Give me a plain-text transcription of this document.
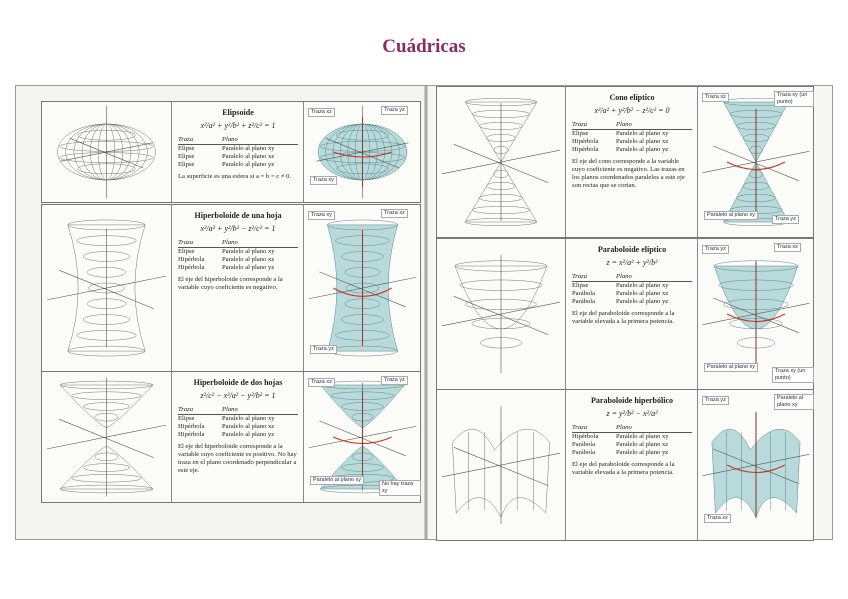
Cuádricas
Elipsoide
x²/a² + y²/b² + z²/c² = 1
Traza	Plano
Elipse	Paralelo al plano xy
Elipse	Paralelo al plano xz
Elipse	Paralelo al plano yz
La superficie es una esfera si a = b = c ≠ 0.
Traza xz	Traza yz
Traza xy
Hiperboloide de una hoja
x²/a² + y²/b² − z²/c² = 1
Traza	Plano
Elipse	Paralelo al plano xy
Hipérbola	Paralelo al plano xz
Hipérbola	Paralelo al plano yz
El eje del hiperboloide corresponde a la variable cuyo coeficiente es negativo.
Traza xy	Traza xz
Traza yz
Hiperboloide de dos hojas
z²/c² − x²/a² − y²/b² = 1
Traza	Plano
Elipse	Paralelo al plano xy
Hipérbola	Paralelo al plano xz
Hipérbola	Paralelo al plano yz
El eje del hiperboloide corresponde a la variable cuyo coeficiente es positivo. No hay traza en el plano coordenado perpendicular a este eje.
Traza xz	Traza yz
Paralelo al plano xy
No hay traza xy
Cono elíptico
x²/a² + y²/b² − z²/c² = 0
Traza	Plano
Elipse	Paralelo al plano xy
Hipérbola	Paralelo al plano xz
Hipérbola	Paralelo al plano yz
El eje del cono corresponde a la variable cuyo coeficiente es negativo. Las trazas en los planos coordenados paralelos a este eje son rectas que se cortan.
Traza xz	Traza xy (un punto)
Paralelo al plano xy
Traza yz
Paraboloide elíptico
z = x²/a² + y²/b²
Traza	Plano
Elipse	Paralelo al plano xy
Parábola	Paralelo al plano xz
Parábola	Paralelo al plano yz
El eje del paraboloide corresponde a la variable elevada a la primera potencia.
Traza yz	Traza xz
Paralelo al plano xy
Traza xy (un punto)
Paraboloide hiperbólico
z = y²/b² − x²/a²
Traza	Plano
Hipérbola	Paralelo al plano xy
Parábola	Paralelo al plano xz
Parábola	Paralelo al plano yz
El eje del paraboloide corresponde a la variable elevada a la primera potencia.
Traza yz	Paralelo al plano xy
Traza xz
